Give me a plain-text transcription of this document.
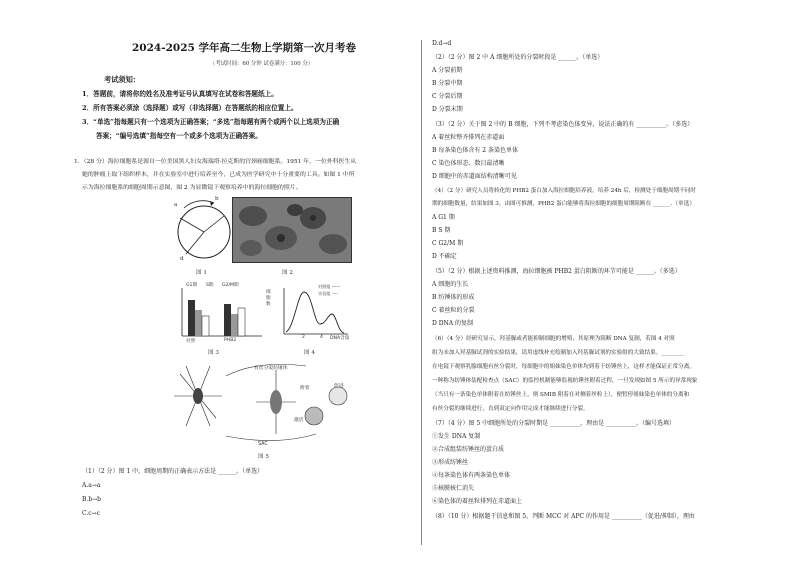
2024-2025 学年高二生物上学期第一次月考卷
（考试时间：60 分钟 试卷满分：100 分）
考试须知：
1．答题前，请将你的姓名及准考证号认真填写在试卷和答题纸上。
2．所有答案必须涂（选择题）或写（非选择题）在答题纸的相应位置上。
3．“单选”指每题只有一个选项为正确答案；“多选”指每题有两个或两个以上选项为正确
答案；“编号选填”指每空有一个或多个选项为正确答案。
1．（28 分）海拉细胞系是源自一位美国黑人妇女海瑞塔·拉克斯的宫颈癌细胞系。1951 年，一位外科医生从
她的肿瘤上取下组织样本，并在实验室中进行培养至今，已成为医学研究中十分重要的工具。如图 1 中所
示为海拉细胞系的细胞周期示意图，图 2 为显微镜下观察培养中的海拉细胞的照片。
a
b
d
图 1	图 2
G1期 S期 G2/M期
对照	PHB2
图 3
细胞数
对照组 ——
实验组 ----
2	4 DNA含量
图 4
有丝分裂纺锤体
附着
激活
促进
SAC
图 5
（1）（2 分）图 1 中，细胞周期的正确表示方法是 ______。（单选）
A.a→a
B.b→b
C.c→c
D.d→d
（2）（2 分）图 2 中 A 细胞所处的分裂时段是 ______。（单选）
A 分裂前期
B 分裂中期
C 分裂后期
D 分裂末期
（3）（2 分）关于图 2 中的 B 细胞，下列不考虑染色体变异，说法正确的有 __________。（多选）
A 着丝粒整齐排列在赤道面
B 每条染色体含有 2 条染色单体
C 染色体形态、数目最清晰
D 细胞中的赤道面结构清晰可见
（4）（2 分）研究人员将转化的 PHB2 蛋白加入海拉细胞培养液，培养 24h 后，检测处于细胞周期不同时
期的细胞数量，结果如图 3。由图可推测，PHB2 蛋白能够将海拉细胞的细胞周期阻断在 ______。（单选）
A G1 期
B S 期
C G2/M 期
D 不确定
（5）（2 分）根据上述资料推测，海拉细胞被 PHB2 蛋白阻断的环节可能是 ______。（多选）
A 细胞的生长
B 纺锤体的形成
C 着丝粒的分裂
D DNA 的复制
（6）（4 分）经研究显示，羟基脲或者能抑制细胞的增殖，其原理为阻断 DNA 复制，若图 4 对照
组为未加入羟基脲试剂的实验结果，请用虚线补充绘制加入羟基脲试剂的实验组的大致结果。________
在电镜下观察乳腺细胞有丝分裂时，每细胞中的姐妹染色单体均到着于纺锤丝上，这样才能保证正常分离。
一种称为纺锤体装配检查点（SAC）的监控机制能够监视纺锤丝附着过程，一旦发现如图 5 所示的异常现象
（当只有一条染色单体附着在纺锤丝上，则 SMIB 附着在对侧着丝粒上），便暂停姐妹染色单体的分离和
有丝分裂的继续进行，直到双定向作用完成才能继续进行分裂。
（7）（4 分）图 5 中细胞所处的分裂时期是 __________，理由是 __________。（编号选填）
①发生 DNA 复制
②合成组装纺锤丝的蛋白质
③形成纺锤丝
④每条染色体有两条染色单体
⑤核膜核仁消失
⑥染色体的着丝粒排列在赤道面上
（8）（10 分）根据题干信息和图 5，判断 MCC 对 APC 的作用是 __________（促进/抑制），理由
